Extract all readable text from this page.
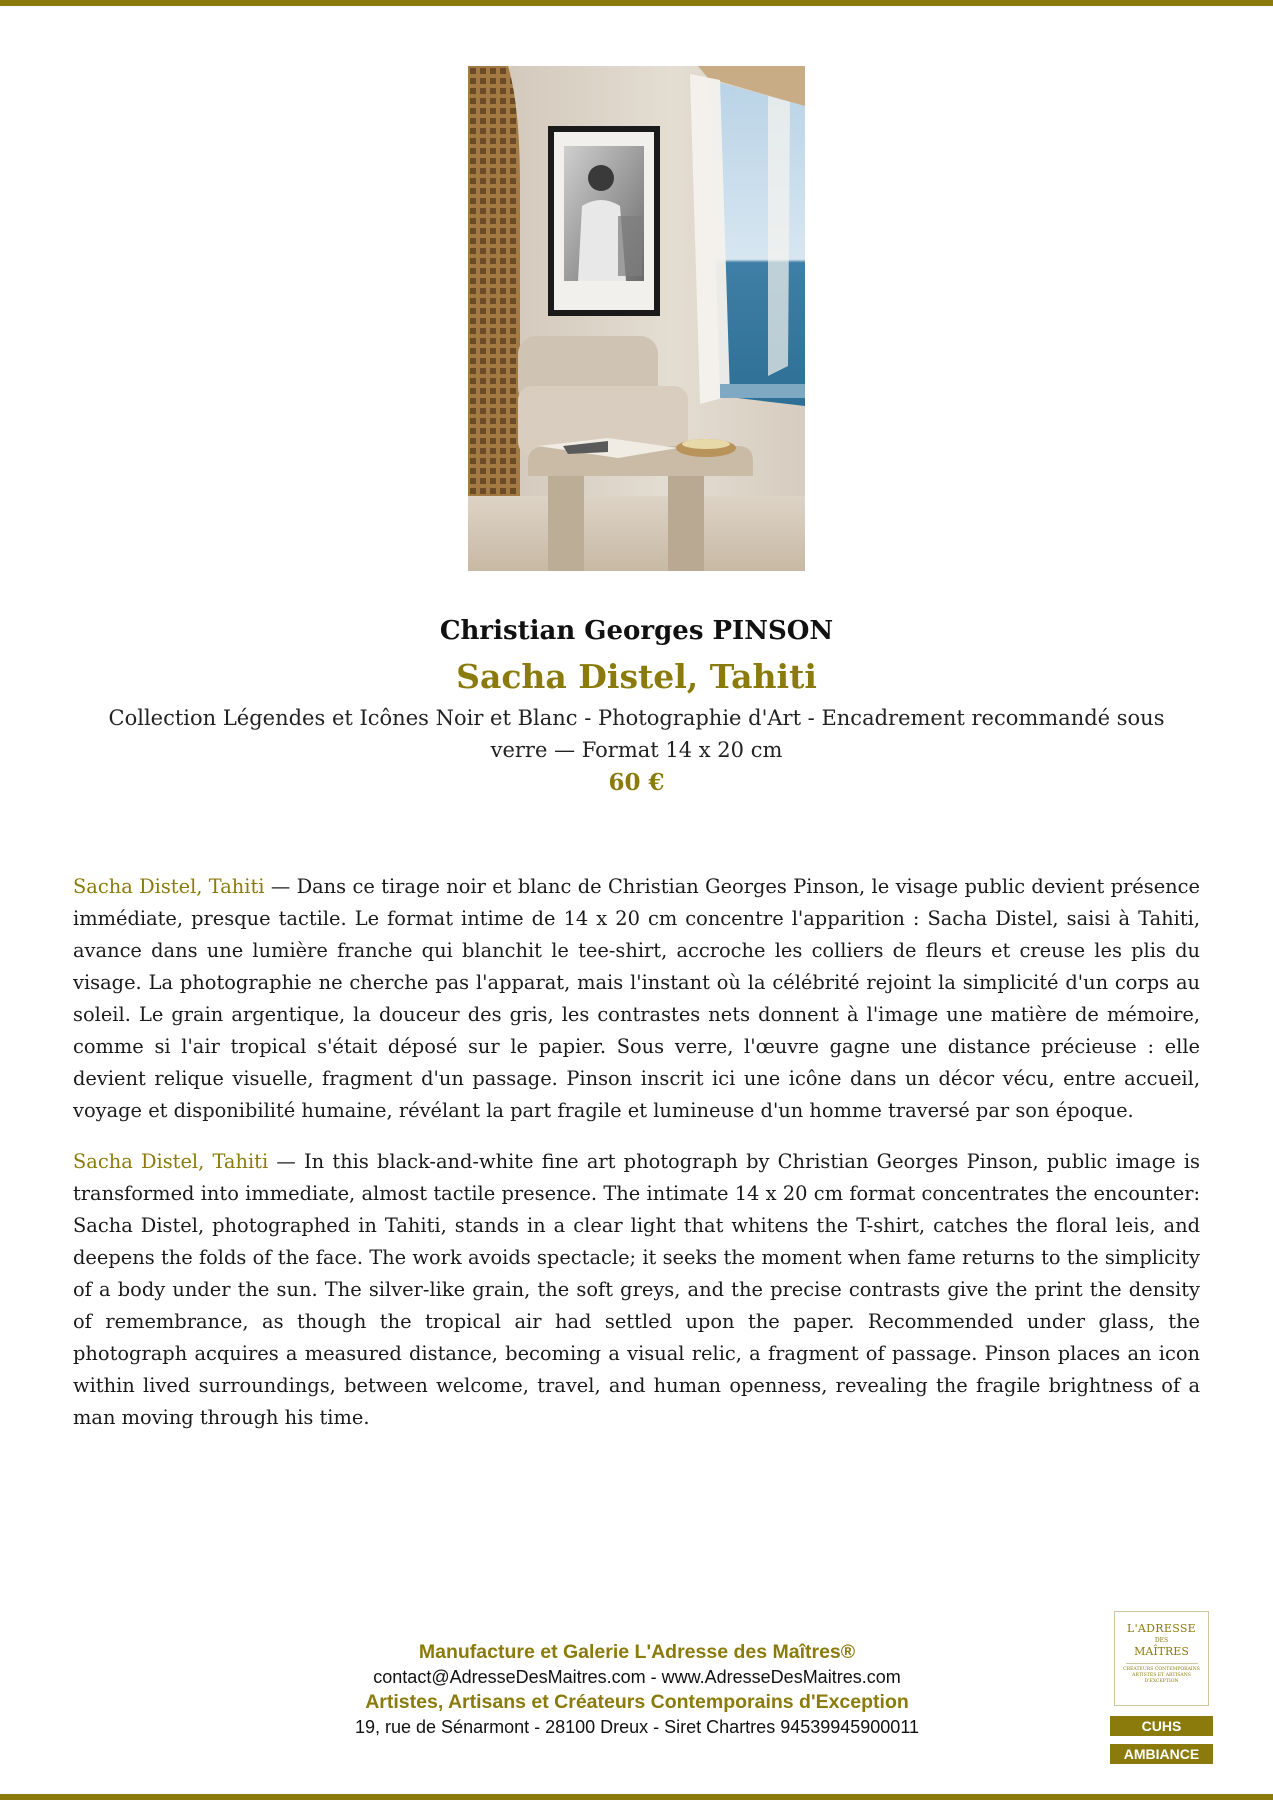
Christian Georges PINSON
Sacha Distel, Tahiti
Collection Légendes et Icônes Noir et Blanc - Photographie d'Art - Encadrement recommandé sous verre — Format 14 x 20 cm
60 €

Sacha Distel, Tahiti — Dans ce tirage noir et blanc de Christian Georges Pinson, le visage public devient présence immédiate, presque tactile. Le format intime de 14 x 20 cm concentre l'apparition : Sacha Distel, saisi à Tahiti, avance dans une lumière franche qui blanchit le tee-shirt, accroche les colliers de fleurs et creuse les plis du visage. La photographie ne cherche pas l'apparat, mais l'instant où la célébrité rejoint la simplicité d'un corps au soleil. Le grain argentique, la douceur des gris, les contrastes nets donnent à l'image une matière de mémoire, comme si l'air tropical s'était déposé sur le papier. Sous verre, l'œuvre gagne une distance précieuse : elle devient relique visuelle, fragment d'un passage. Pinson inscrit ici une icône dans un décor vécu, entre accueil, voyage et disponibilité humaine, révélant la part fragile et lumineuse d'un homme traversé par son époque.

Sacha Distel, Tahiti — In this black-and-white fine art photograph by Christian Georges Pinson, public image is transformed into immediate, almost tactile presence. The intimate 14 x 20 cm format concentrates the encounter: Sacha Distel, photographed in Tahiti, stands in a clear light that whitens the T-shirt, catches the floral leis, and deepens the folds of the face. The work avoids spectacle; it seeks the moment when fame returns to the simplicity of a body under the sun. The silver-like grain, the soft greys, and the precise contrasts give the print the density of remembrance, as though the tropical air had settled upon the paper. Recommended under glass, the photograph acquires a measured distance, becoming a visual relic, a fragment of passage. Pinson places an icon within lived surroundings, between welcome, travel, and human openness, revealing the fragile brightness of a man moving through his time.

Manufacture et Galerie L'Adresse des Maîtres®
contact@AdresseDesMaitres.com - www.AdresseDesMaitres.com
Artistes, Artisans et Créateurs Contemporains d'Exception
19, rue de Sénarmont - 28100 Dreux - Siret Chartres 94539945900011
L'ADRESSE
DES
MAÎTRES
CRÉATEURS CONTEMPORAINS ARTISTES ET ARTISANS D'EXCEPTION
CUHS
AMBIANCE
